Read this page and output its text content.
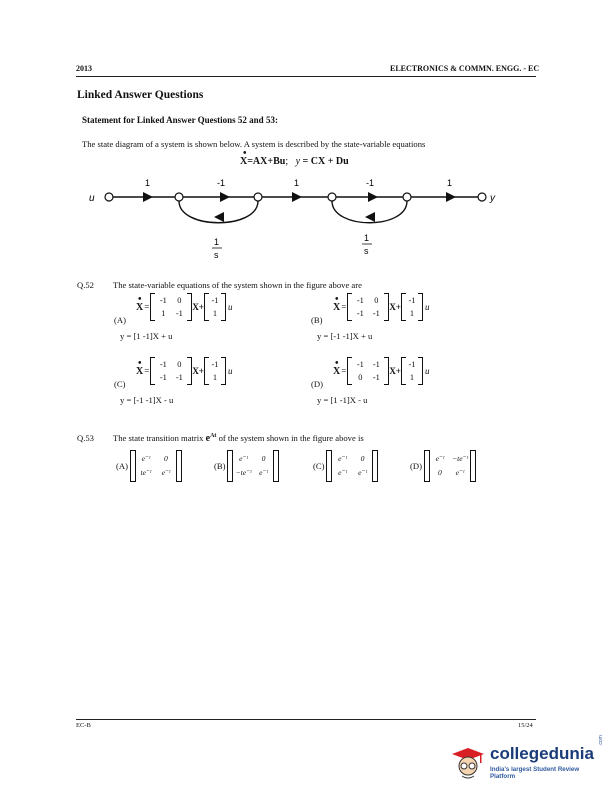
2013	ELECTRONICS & COMMN. ENGG. - EC
Linked Answer Questions
Statement for Linked Answer Questions 52 and 53:
The state diagram of a system is shown below. A system is described by the state-variable equations
•
X=AX+Bu; y = CX + Du
u	y
1	-1	1	-1	1
1
s
1
s
Q.52 The state-variable equations of the system shown in the figure above are
•
X =
-1 0
1 -1
X+
-1
1
u
(A)
y = [1 -1]X + u
•
X =
-1 0
-1 -1
X+
-1
1
u
(B)
y = [-1 -1]X + u
•
X =
-1 0
-1 -1
X+
-1
1
u
(C)
y = [-1 -1]X - u
•
X =
-1 -1
0 -1
X+
-1
1
u
(D)
y = [1 -1]X - u
Q.53 The state transition matrix $e^{At}$ of the system shown in the figure above is
(A)
e⁻ᵗ 0
te⁻ᵗ e⁻ᵗ
(B)
e⁻ᵗ 0
−te⁻ᵗ e⁻ᵗ
(C)
e⁻ᵗ 0
e⁻ᵗ e⁻ᵗ
(D)
e⁻ᵗ −te⁻ᵗ
0 e⁻ᵗ
EC-B	15/24
collegedunia
.com
India's largest Student Review Platform
